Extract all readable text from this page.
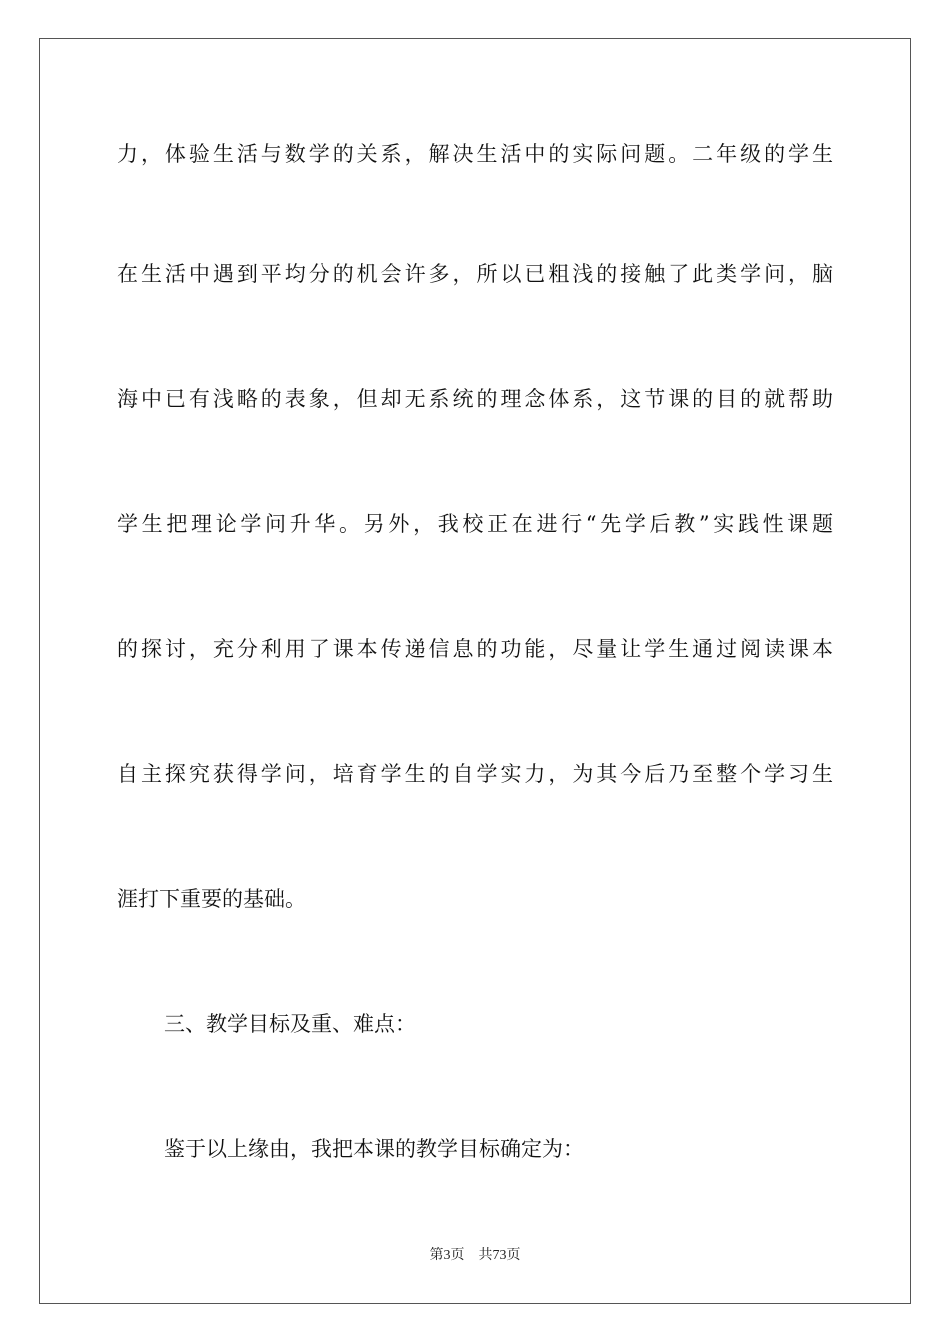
力，体验生活与数学的关系，解决生活中的实际问题。二年级的学生
在生活中遇到平均分的机会许多，所以已粗浅的接触了此类学问，脑
海中已有浅略的表象，但却无系统的理念体系，这节课的目的就帮助
学生把理论学问升华。另外，我校正在进行“先学后教”实践性课题
的探讨，充分利用了课本传递信息的功能，尽量让学生通过阅读课本
自主探究获得学问，培育学生的自学实力，为其今后乃至整个学习生
涯打下重要的基础。
三、教学目标及重、难点：
鉴于以上缘由，我把本课的教学目标确定为：
第3页 共73页
